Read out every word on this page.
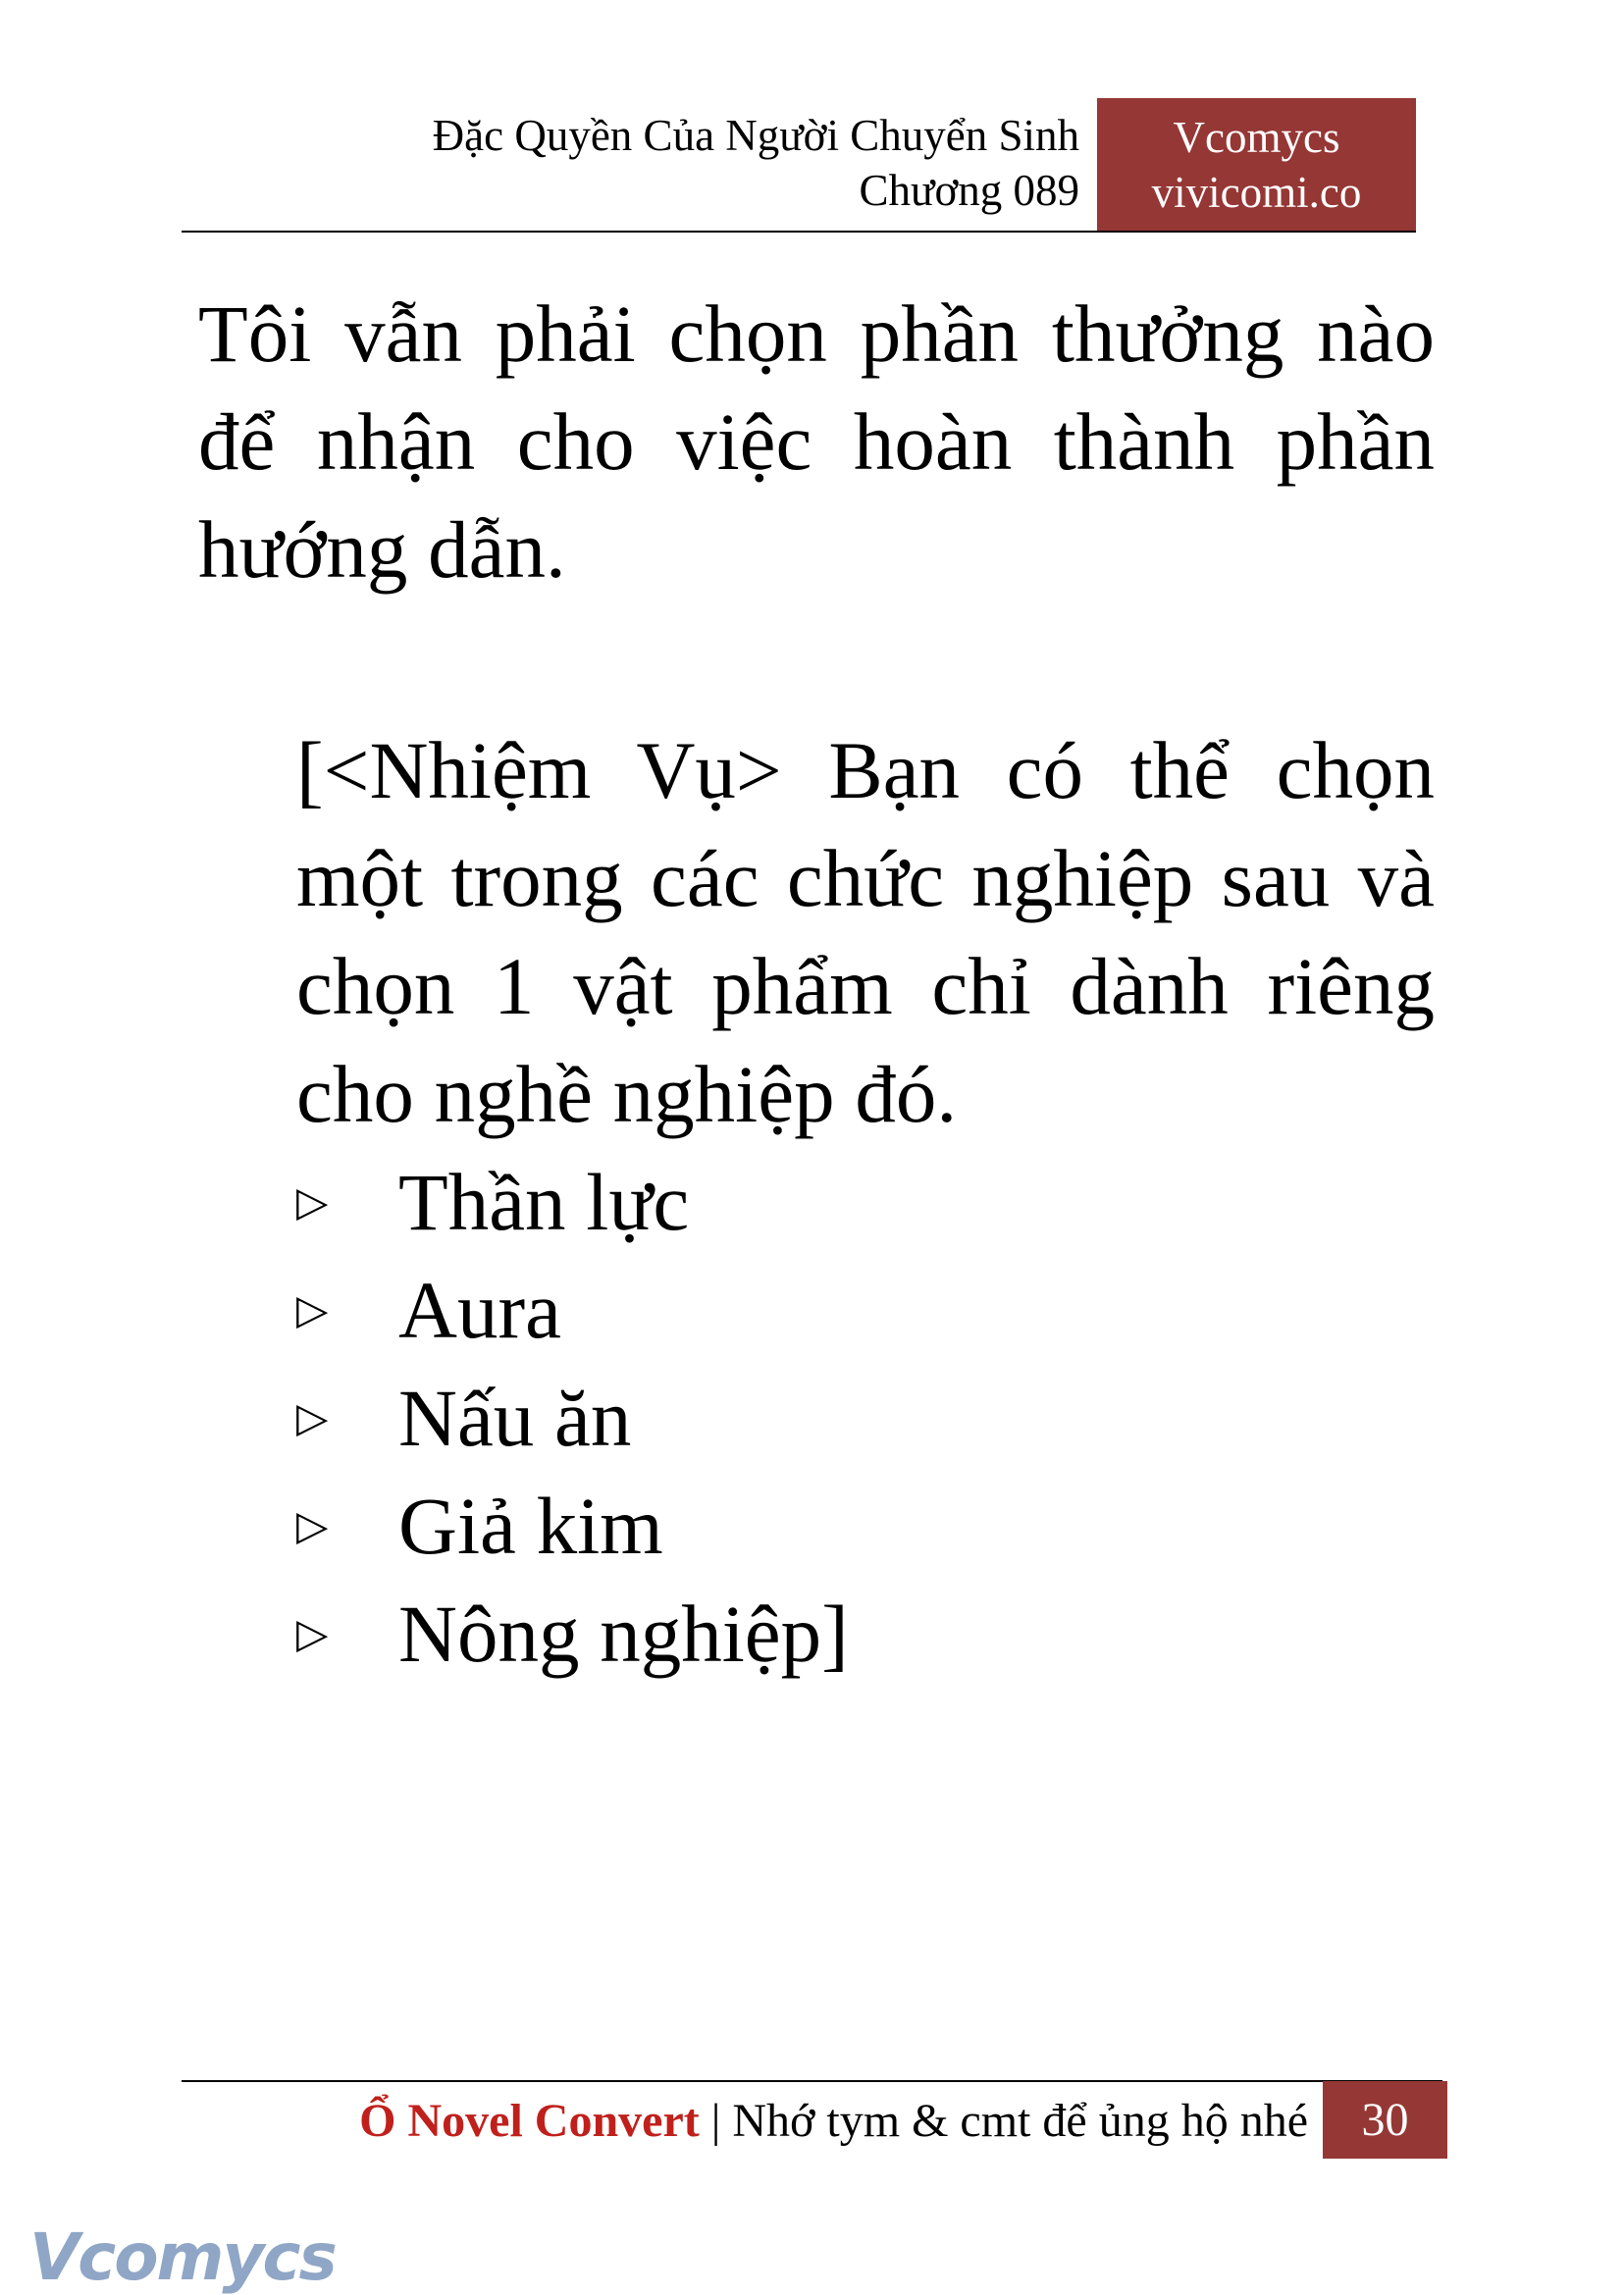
Đặc Quyền Của Người Chuyển Sinh
Chương 089
Vcomycs
vivicomi.co
Tôi vẫn phải chọn phần thưởng nào để nhận cho việc hoàn thành phần hướng dẫn.
[<Nhiệm Vụ> Bạn có thể chọn một trong các chức nghiệp sau và chọn 1 vật phẩm chỉ dành riêng cho nghề nghiệp đó.
▷ Thần lực
▷ Aura
▷ Nấu ăn
▷ Giả kim
▷ Nông nghiệp]
Ổ Novel Convert | Nhớ tym & cmt để ủng hộ nhé	30
Vcomycs
